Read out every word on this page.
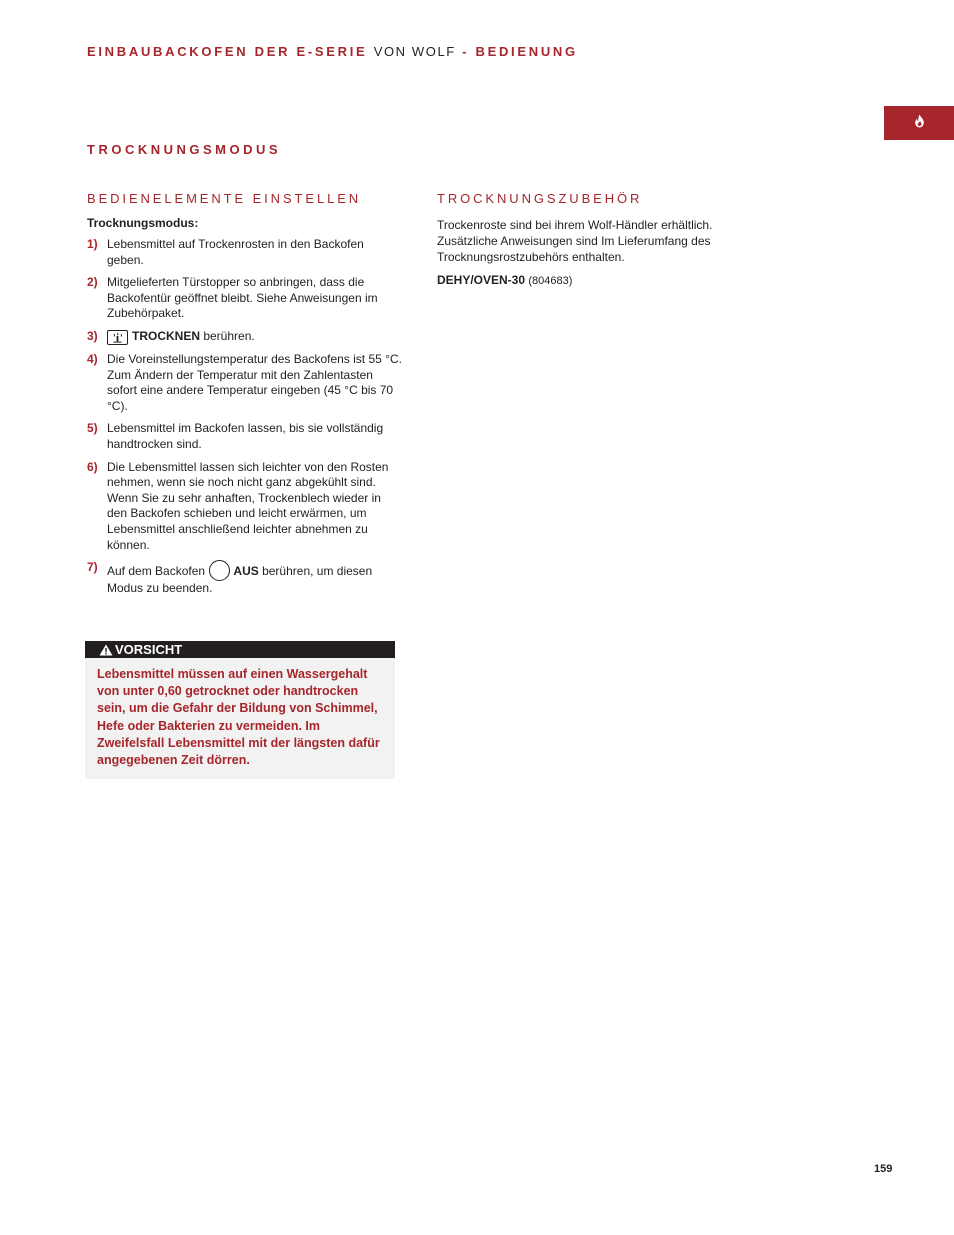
EINBAUBACKOFEN DER E-SERIE VON WOLF - BEDIENUNG
TROCKNUNGSMODUS
BEDIENELEMENTE EINSTELLEN	TROCKNUNGSZUBEHÖR
Trocknungsmodus:
1) Lebensmittel auf Trockenrosten in den Backofen geben.
2) Mitgelieferten Türstopper so anbringen, dass die Backofentür geöffnet bleibt. Siehe Anweisungen im Zubehörpaket.
3)	TROCKNEN berühren.
4) Die Voreinstellungstemperatur des Backofens ist 55 °C. Zum Ändern der Temperatur mit den Zahlentasten sofort eine andere Temperatur eingeben (45 °C bis 70 °C).
5) Lebensmittel im Backofen lassen, bis sie vollständig handtrocken sind.
6) Die Lebensmittel lassen sich leichter von den Rosten nehmen, wenn sie noch nicht ganz abgekühlt sind. Wenn Sie zu sehr anhaften, Trockenblech wieder in den Backofen schieben und leicht erwärmen, um Lebensmittel anschließend leichter abnehmen zu können.
7) Auf dem Backofen AUS berühren, um diesen Modus zu beenden.
VORSICHT
Lebensmittel müssen auf einen Wassergehalt von unter 0,60 getrocknet oder handtrocken sein, um die Gefahr der Bildung von Schimmel, Hefe oder Bakterien zu vermeiden. Im Zweifelsfall Lebensmittel mit der längsten dafür angegebenen Zeit dörren.

Trockenroste sind bei ihrem Wolf-Händler erhältlich. Zusätzliche Anweisungen sind Im Lieferumfang des Trocknungsrostzubehörs enthalten.

DEHY/OVEN-30 (804683)

159
